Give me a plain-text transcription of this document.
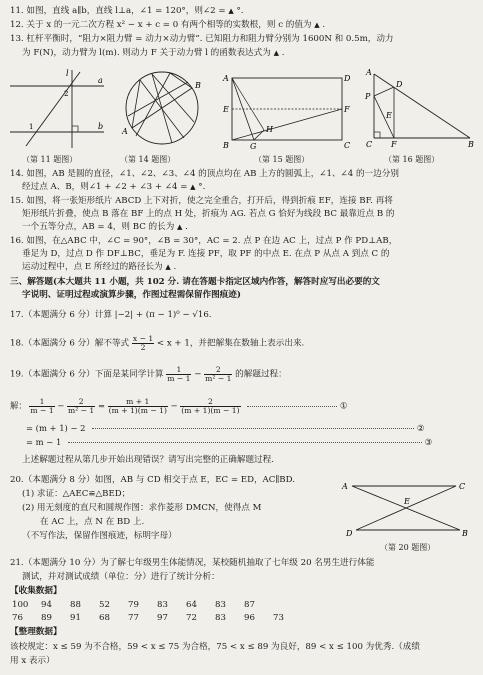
11. 如图，直线 a∥b，直线 l⊥a，∠1 = 120°，则∠2 = ▲ °.
12. 关于 x 的一元二次方程 x² − x + c = 0 有两个相等的实数根，则 c 的值为 ▲ .
13. 杠杆平衡时，“阻力×阻力臂 = 动力×动力臂”. 已知阻力和阻力臂分别为 1600N 和 0.5m，动力
为 F(N)，动力臂为 l(m). 则动力 F 关于动力臂 l 的函数表达式为 ▲ .
l
a
b
1
2
A
B
A	D
E	F
H
B	G	C
A
P
D
E
C F	B
（第 11 题图）	（第 14 题图）	（第 15 题图）	（第 16 题图）
14. 如图，AB 是圆的直径，∠1、∠2、∠3、∠4 的顶点均在 AB 上方的圆弧上，∠1、∠4 的一边分别
经过点 A、B，则∠1 + ∠2 + ∠3 + ∠4 = ▲ °.
15. 如图，将一张矩形纸片 ABCD 上下对折，使之完全重合，打开后，得到折痕 EF，连接 BF. 再将
矩形纸片折叠，使点 B 落在 BF 上的点 H 处，折痕为 AG. 若点 G 恰好为线段 BC 最靠近点 B 的
一个五等分点，AB = 4，则 BC 的长为 ▲ .
16. 如图，在△ABC 中，∠C = 90°，∠B = 30°，AC = 2. 点 P 在边 AC 上，过点 P 作 PD⊥AB，
垂足为 D，过点 D 作 DF⊥BC，垂足为 F. 连接 PF，取 PF 的中点 E. 在点 P 从点 A 到点 C 的
运动过程中，点 E 所经过的路径长为 ▲ .
三、解答题(本大题共 11 小题，共 102 分. 请在答题卡指定区域内作答，解答时应写出必要的文
字说明、证明过程或演算步骤，作图过程需保留作图痕迹)
17.（本题满分 6 分）计算 |−2| + (π − 1)⁰ − √16.
18.（本题满分 6 分）解不等式 $\frac{x - 1}{2} < x + 1$，并把解集在数轴上表示出来.
19.（本题满分 6 分）下面是某同学计算 $\frac{1}{m - 1} - \frac{2}{\text{m² − 1}}$ 的解题过程：
解： $\frac{1}{m - 1} - \frac{2}{\text{m² − 1}} = \frac{m + 1}{(m + 1)(m - 1)} - \frac{2}{(m + 1)(m - 1)}$	①
= (m + 1) − 2	②
= m − 1	③
上述解题过程从第几步开始出现错误？请写出完整的正确解题过程.
20.（本题满分 8 分）如图，AB 与 CD 相交于点 E，EC = ED，AC∥BD.
(1) 求证：△AEC≌△BED；
(2) 用无刻度的直尺和圆规作图：求作菱形 DMCN，使得点 M
在 AC 上，点 N 在 BD 上.
（不写作法，保留作图痕迹，标明字母）
A	C
E
D	B
（第 20 题图）
21.（本题满分 10 分）为了解七年级男生体能情况，某校随机抽取了七年级 20 名男生进行体能
测试，并对测试成绩（单位：分）进行了统计分析：
【收集数据】
100 94 88 52 79 83 64 83 87
76 89 91 68 77 97 72 83 96 73
【整理数据】
该校规定：x ≤ 59 为不合格，59 < x ≤ 75 为合格，75 < x ≤ 89 为良好，89 < x ≤ 100 为优秀.（成绩
用 x 表示）
